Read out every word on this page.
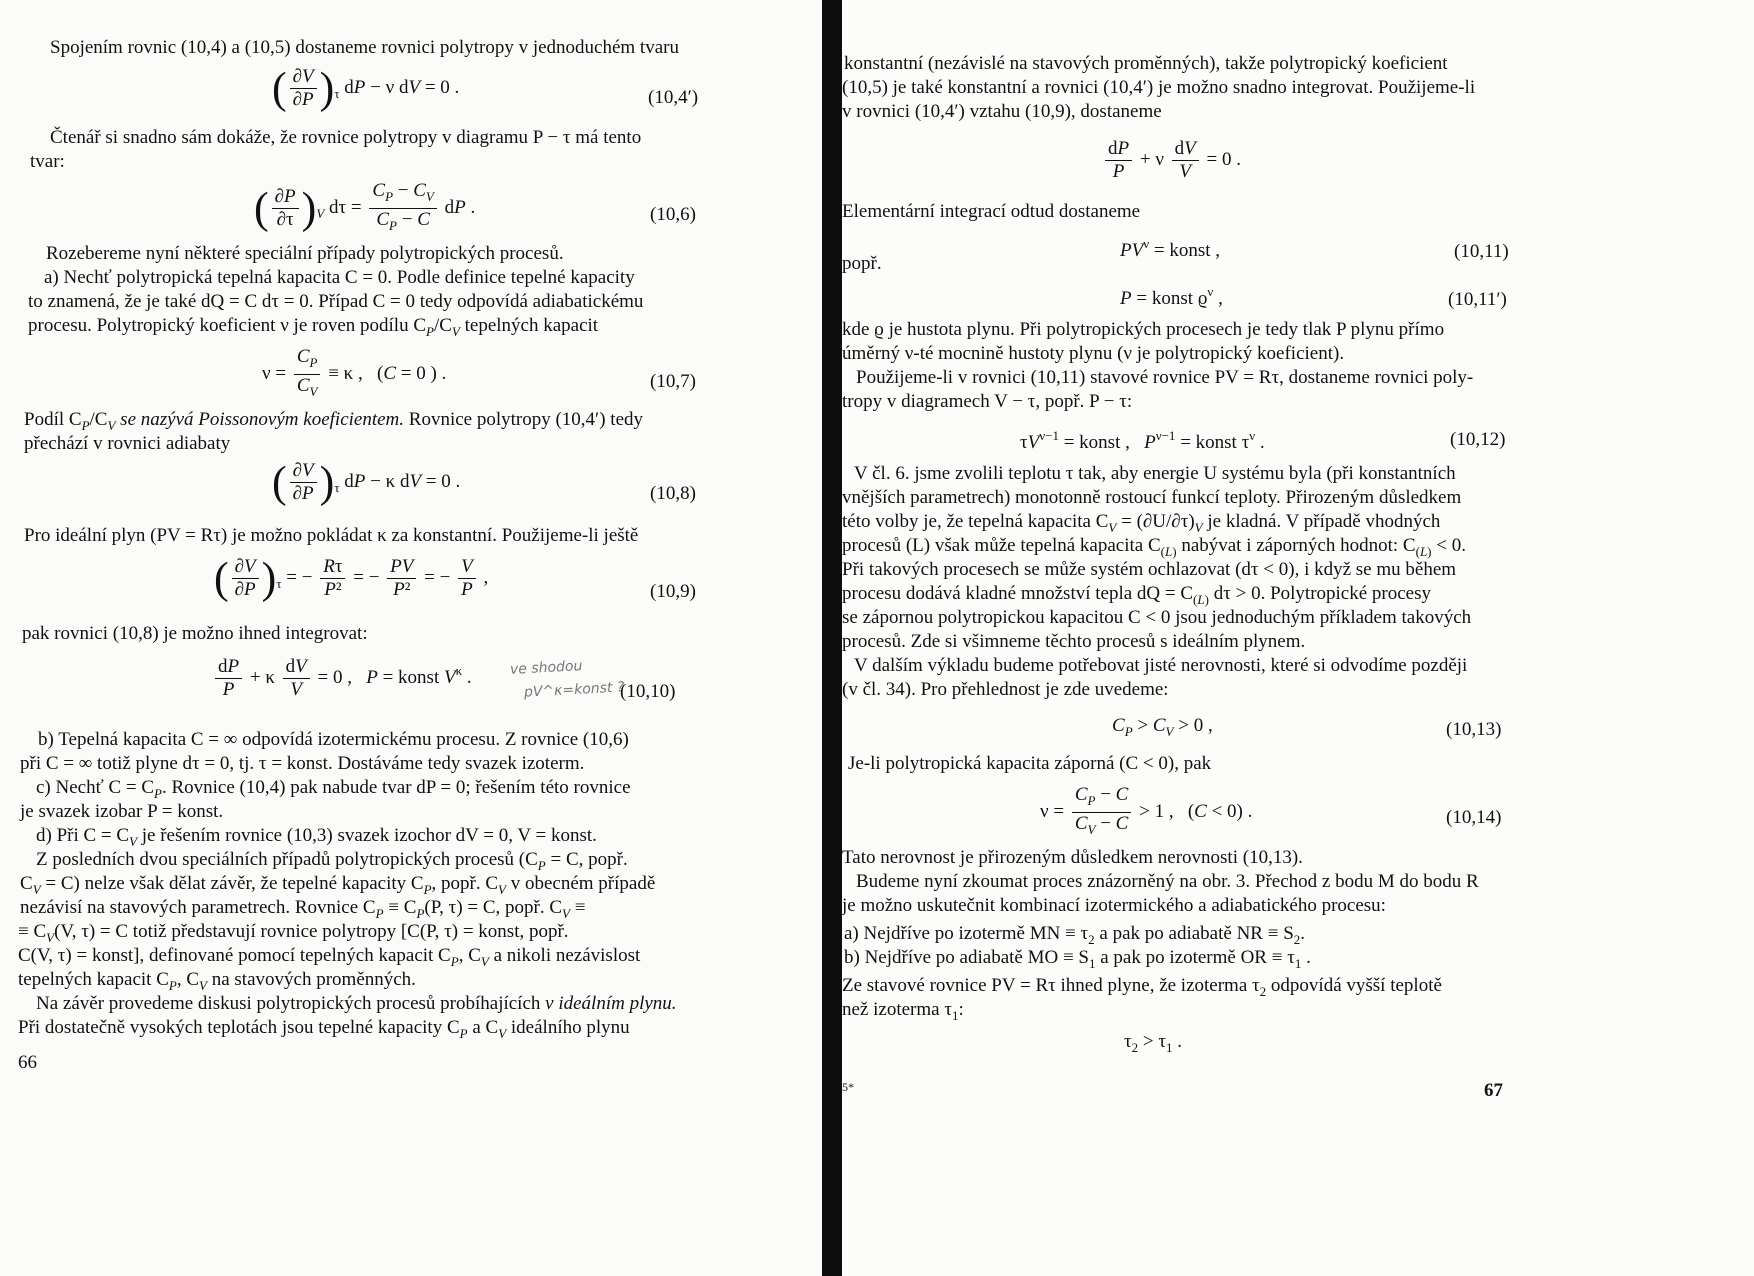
Spojením rovnic (10,4) a (10,5) dostaneme rovnici polytropy v jednoduchém tvaru
( $\frac{\partial V}{\partial P} )_\tau$ dP − ν dV = 0 .	(10,4′)
Čtenář si snadno sám dokáže, že rovnice polytropy v diagramu P − τ má tento
tvar:
( $\frac{\partial P}{\partial\tau} )_V$ $d\tau = \frac{C_P - C_V}{C_P - C}$ dP .	(10,6)
Rozebereme nyní některé speciální případy polytropických procesů.
a) Nechť polytropická tepelná kapacita C = 0. Podle definice tepelné kapacity
to znamená, že je také dQ = C dτ = 0. Případ C = 0 tedy odpovídá adiabatickému
procesu. Polytropický koeficient ν je roven podílu $C_P/C_V$ tepelných kapacit
$\nu = \frac{C_P}{C_V} \equiv \kappa$ ,   (C = 0 ) .	(10,7)
Podíl $C_P/C_V$ se nazývá Poissonovým koeficientem. Rovnice polytropy (10,4′) tedy
přechází v rovnici adiabaty
( $\frac{\partial V}{\partial P} )_\tau$ dP − κ dV = 0 .
(10,8)
Pro ideální plyn (PV = Rτ) je možno pokládat κ za konstantní. Použijeme-li ještě
( $\frac{\partial V}{\partial P} )_\tau$ = − $\frac{R\tau}{\text{P²}}$ = − $\frac{PV}{\text{P²}}$ = − $\frac{V}{P}$ ,
(10,9)
pak rovnici (10,8) je možno ihned integrovat:
$\frac{dP}{P} + \kappa \frac{dV}{V} = 0$ ,   P = konst $V^\kappa$ .	ve shodou
pV^κ=konst ?
(10,10)
b) Tepelná kapacita C = ∞ odpovídá izotermickému procesu. Z rovnice (10,6)
při C = ∞ totiž plyne dτ = 0, tj. τ = konst. Dostáváme tedy svazek izoterm.
c) Nechť $C = C_P$. Rovnice (10,4) pak nabude tvar dP = 0; řešením této rovnice
je svazek izobar P = konst.
d) Při $C = C_V$ je řešením rovnice (10,3) svazek izochor dV = 0, V = konst.
Z posledních dvou speciálních případů polytropických procesů ($C_P = C$, popř.
$C_V = C$) nelze však dělat závěr, že tepelné kapacity $C_P$, popř. $C_V$ v obecném případě
nezávisí na stavových parametrech. Rovnice $C_P \equiv C_P(P$, τ) = C, popř. $C_V$ ≡
≡ $C_V(V$, τ) = C totiž představují rovnice polytropy [C(P, τ) = konst, popř.
C(V, τ) = konst], definované pomocí tepelných kapacit $C_P$, $C_V$ a nikoli nezávislost
tepelných kapacit $C_P$, $C_V$ na stavových proměnných.
Na závěr provedeme diskusi polytropických procesů probíhajících v ideálním plynu.
Při dostatečně vysokých teplotách jsou tepelné kapacity $C_P$ a $C_V$ ideálního plynu
66
konstantní (nezávislé na stavových proměnných), takže polytropický koeficient
(10,5) je také konstantní a rovnici (10,4′) je možno snadno integrovat. Použijeme-li
v rovnici (10,4′) vztahu (10,9), dostaneme
$\frac{dP}{P} + \nu \frac{dV}{V} = 0$ .
Elementární integrací odtud dostaneme
$PV^\nu$ = konst ,	(10,11)
popř.
P = konst $ϱ^\nu$ ,	(10,11′)
kde ϱ je hustota plynu. Při polytropických procesech je tedy tlak P plynu přímo
úměrný ν-té mocnině hustoty plynu (ν je polytropický koeficient).
Použijeme-li v rovnici (10,11) stavové rovnice PV = Rτ, dostaneme rovnici poly-
tropy v diagramech V − τ, popř. P − τ:
$\tau V^{\nu-1}$ = konst ,   $P^{\nu-1}$ = konst $\tau^\nu$ .	(10,12)
V čl. 6. jsme zvolili teplotu τ tak, aby energie U systému byla (při konstantních
vnějších parametrech) monotonně rostoucí funkcí teploty. Přirozeným důsledkem
této volby je, že tepelná kapacita $C_V = (\partial U/\partial\tau)_V$ je kladná. V případě vhodných
procesů (L) však může tepelná kapacita $C_{(L)}$ nabývat i záporných hodnot: $C_{(L)} < 0$.
Při takových procesech se může systém ochlazovat (dτ < 0), i když se mu během
procesu dodává kladné množství tepla dQ = $C_{(L)}$ dτ > 0. Polytropické procesy
se zápornou polytropickou kapacitou C < 0 jsou jednoduchým příkladem takových
procesů. Zde si všimneme těchto procesů s ideálním plynem.
V dalším výkladu budeme potřebovat jisté nerovnosti, které si odvodíme později
(v čl. 34). Pro přehlednost je zde uvedeme:
$C_P > C_V > 0$ ,	(10,13)
Je-li polytropická kapacita záporná (C < 0), pak
$\nu = \frac{C_P - C}{C_V - C} > 1$ ,   (C < 0) .	(10,14)
Tato nerovnost je přirozeným důsledkem nerovnosti (10,13).
Budeme nyní zkoumat proces znázorněný na obr. 3. Přechod z bodu M do bodu R
je možno uskutečnit kombinací izotermického a adiabatického procesu:
a) Nejdříve po izotermě MN ≡ $\tau_2$ a pak po adiabatě NR ≡ $S_2$.
b) Nejdříve po adiabatě MO ≡ $S_1$ a pak po izotermě OR ≡ $\tau_1$ .
Ze stavové rovnice PV = Rτ ihned plyne, že izoterma $\tau_2$ odpovídá vyšší teplotě
než izoterma $\tau_1$:
$\tau_2 > \tau_1$ .
5*	67
